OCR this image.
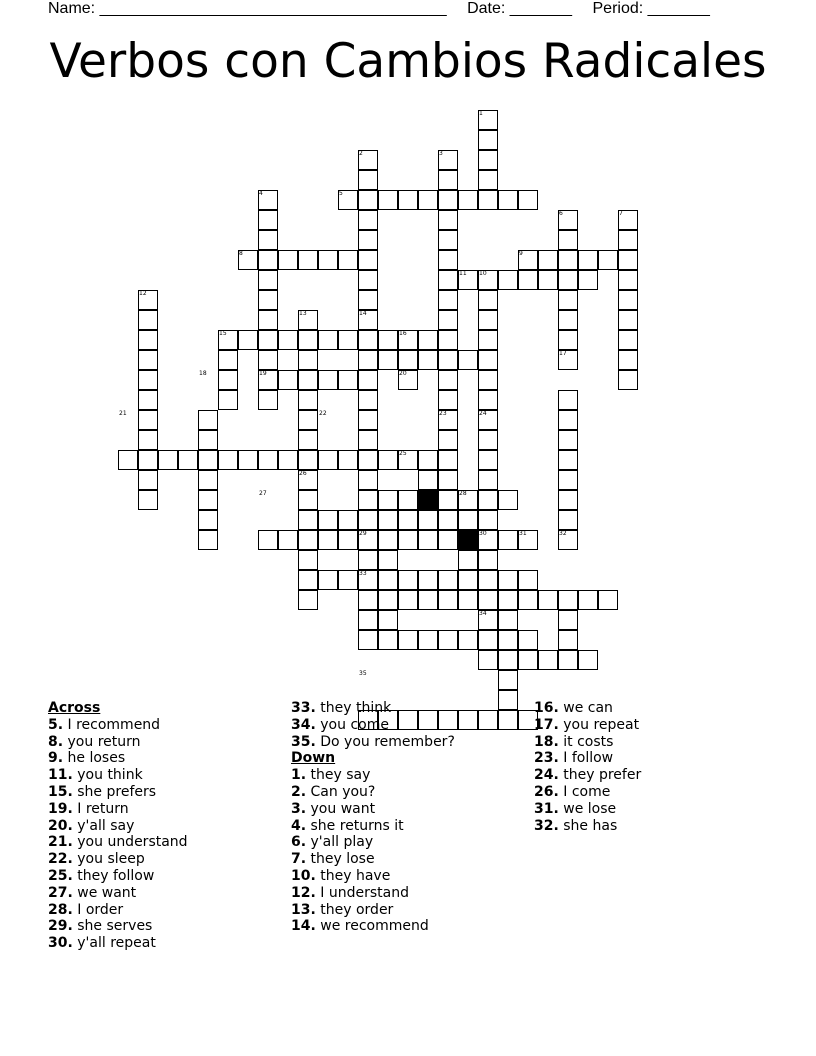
Name: _______________________________________ Date: _______ Period: _______
Verbos con Cambios Radicales
1
2	3
4	5
6	7
8	9
10
11
12
13	14
15	16
17
18	19	20
21	22	23	24
25
26
27	28
29	30	31	32
33
34
35
Across
5. I recommend
8. you return
9. he loses
11. you think
15. she prefers
19. I return
20. y'all say
21. you understand
22. you sleep
25. they follow
27. we want
28. I order
29. she serves
30. y'all repeat
33. they think
34. you come
35. Do you remember?
Down
1. they say
2. Can you?
3. you want
4. she returns it
6. y'all play
7. they lose
10. they have
12. I understand
13. they order
14. we recommend
16. we can
17. you repeat
18. it costs
23. I follow
24. they prefer
26. I come
31. we lose
32. she has
